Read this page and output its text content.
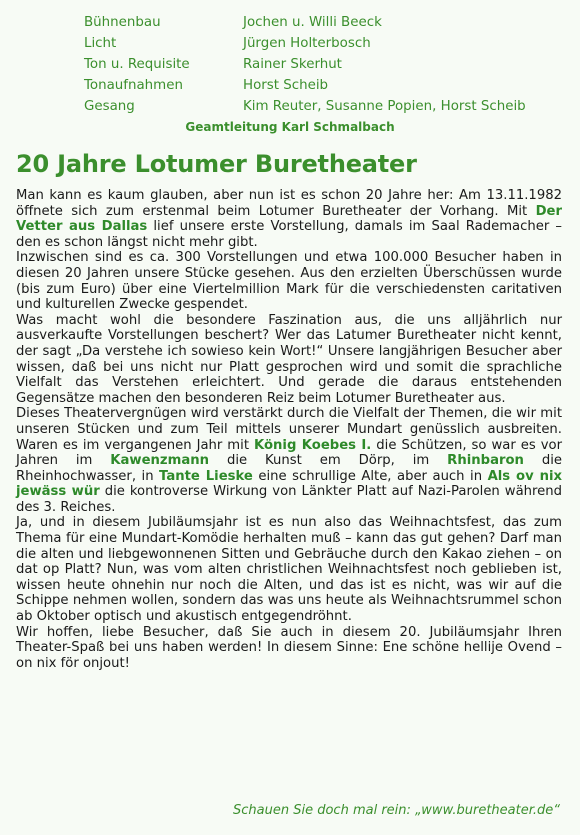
Bühnenbau	Jochen u. Willi Beeck
Licht	Jürgen Holterbosch
Ton u. Requisite	Rainer Skerhut
Tonaufnahmen	Horst Scheib
Gesang	Kim Reuter, Susanne Popien, Horst Scheib
Geamtleitung Karl Schmalbach
20 Jahre Lotumer Buretheater

Man kann es kaum glauben, aber nun ist es schon 20 Jahre her: Am 13.11.1982 öffnete sich zum erstenmal beim Lotumer Buretheater der Vorhang. Mit Der Vetter aus Dallas lief unsere erste Vorstellung, damals im Saal Rademacher – den es schon längst nicht mehr gibt.

Inzwischen sind es ca. 300 Vorstellungen und etwa 100.000 Besucher haben in diesen 20 Jahren unsere Stücke gesehen. Aus den erzielten Überschüssen wurde (bis zum Euro) über eine Viertelmillion Mark für die verschiedensten caritativen und kulturellen Zwecke gespendet.

Was macht wohl die besondere Faszination aus, die uns alljährlich nur ausverkaufte Vorstellungen beschert? Wer das Latumer Buretheater nicht kennt, der sagt „Da verstehe ich sowieso kein Wort!“ Unsere langjährigen Besucher aber wissen, daß bei uns nicht nur Platt gesprochen wird und somit die sprachliche Vielfalt das Verstehen erleichtert. Und gerade die daraus entstehenden Gegensätze machen den besonderen Reiz beim Lotumer Buretheater aus.

Dieses Theatervergnügen wird verstärkt durch die Vielfalt der Themen, die wir mit unseren Stücken und zum Teil mittels unserer Mundart genüsslich ausbreiten. Waren es im vergangenen Jahr mit König Koebes I. die Schützen, so war es vor Jahren im Kawenzmann die Kunst em Dörp, im Rhinbaron die Rheinhochwasser, in Tante Lieske eine schrullige Alte, aber auch in Als ov nix jewäss wür die kontroverse Wirkung von Länkter Platt auf Nazi-Parolen während des 3. Reiches.

Ja, und in diesem Jubiläumsjahr ist es nun also das Weihnachtsfest, das zum Thema für eine Mundart-Komödie herhalten muß – kann das gut gehen? Darf man die alten und liebgewonnenen Sitten und Gebräuche durch den Kakao ziehen – on dat op Platt? Nun, was vom alten christlichen Weihnachtsfest noch geblieben ist, wissen heute ohnehin nur noch die Alten, und das ist es nicht, was wir auf die Schippe nehmen wollen, sondern das was uns heute als Weihnachtsrummel schon ab Oktober optisch und akustisch entgegendröhnt.

Wir hoffen, liebe Besucher, daß Sie auch in diesem 20. Jubiläumsjahr Ihren Theater-Spaß bei uns haben werden! In diesem Sinne: Ene schöne hellije Ovend – on nix för onjout!

Schauen Sie doch mal rein: „www.buretheater.de“
